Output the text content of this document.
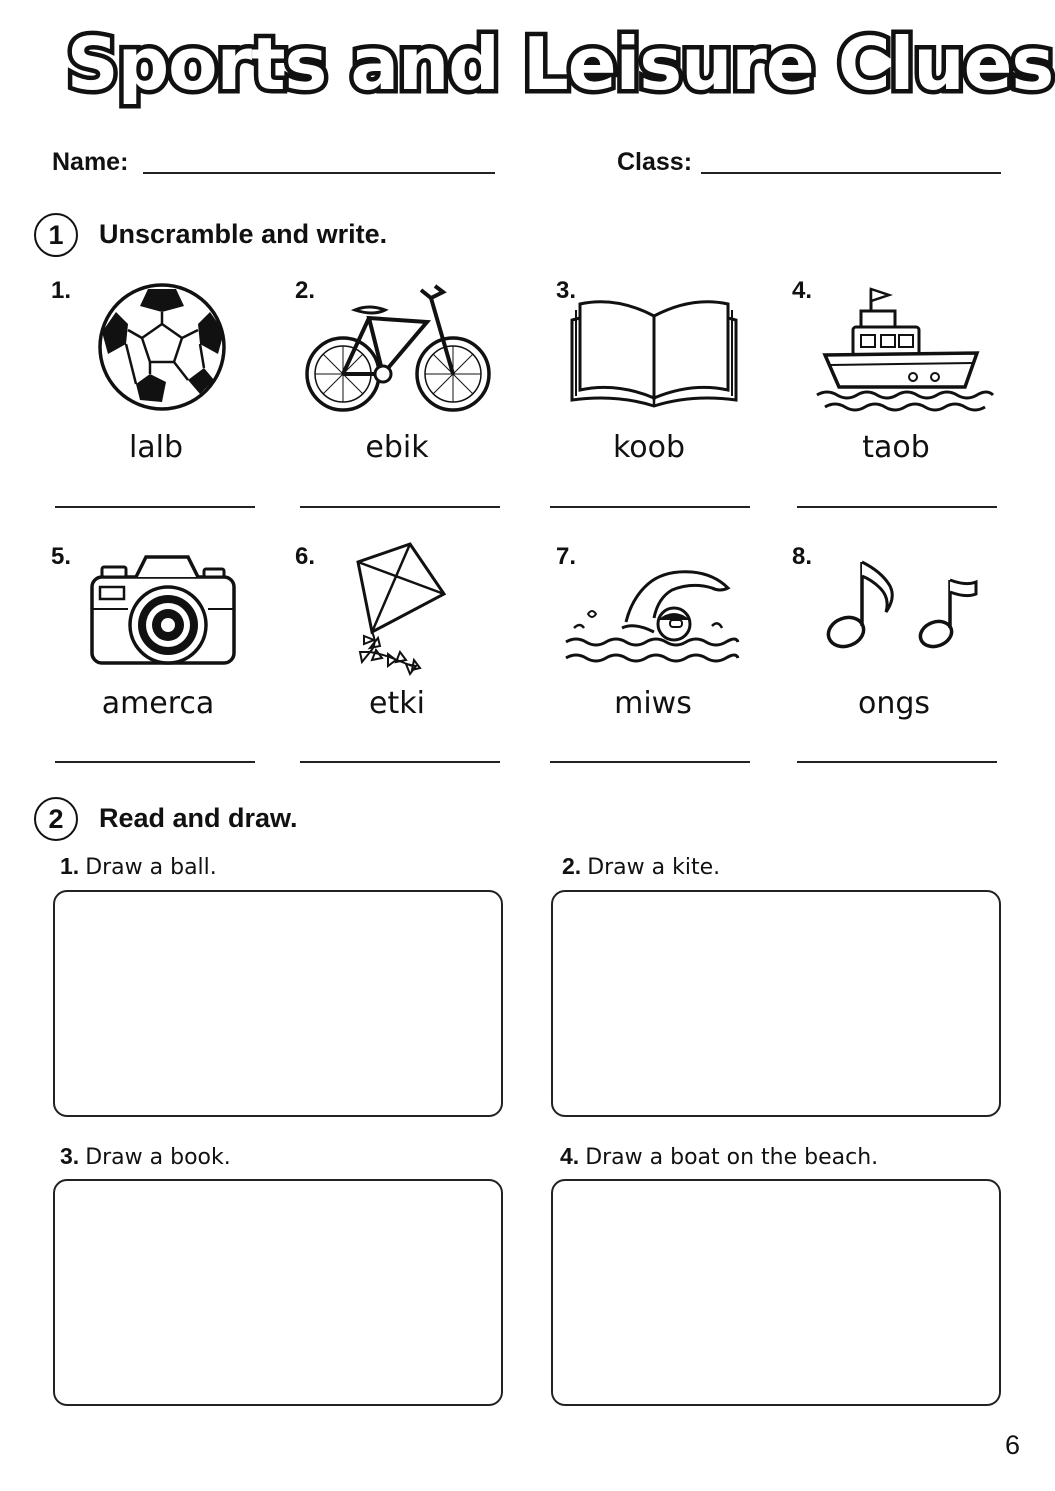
Sports and Leisure Clues
Name:	Class:
1	Unscramble and write.
1.	2.	3.	4.
lalb	ebik	koob	taob
5.	6.	7.	8.
amerca	etki	miws	ongs
2	Read and draw.
1. Draw a ball.	2. Draw a kite.
3. Draw a book.	4. Draw a boat on the beach.
6
